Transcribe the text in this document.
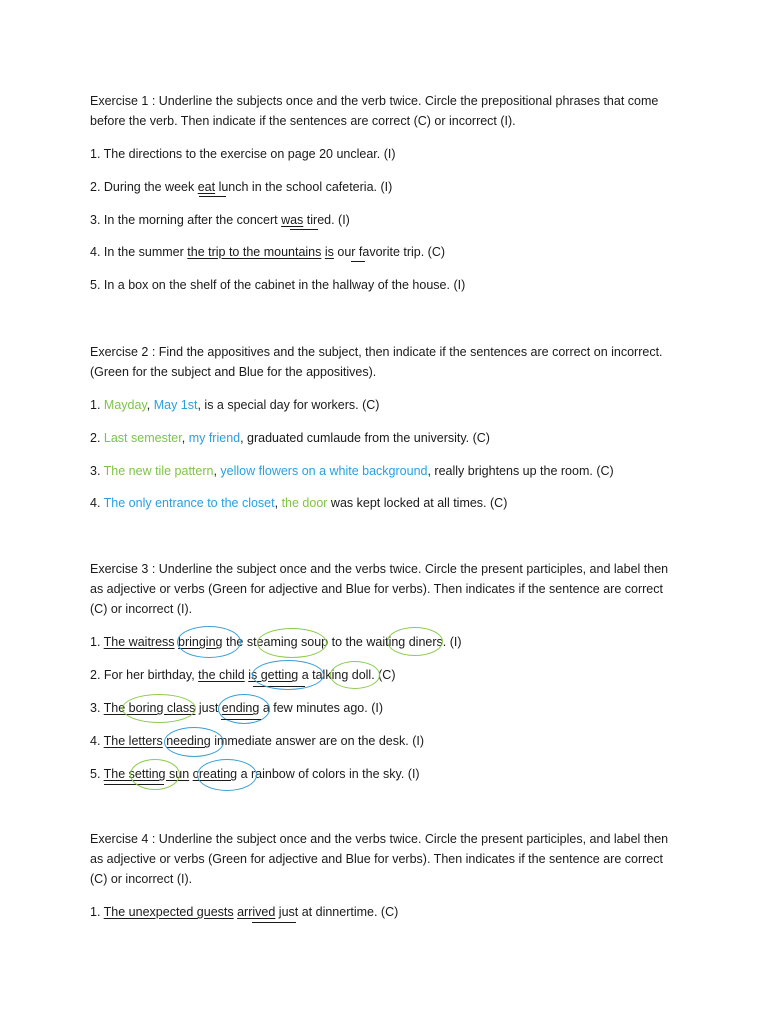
Exercise 1 : Underline the subjects once and the verb twice. Circle the prepositional phrases that come
before the verb. Then indicate if the sentences are correct (C) or incorrect (I).
1. The directions to the exercise on page 20 unclear. (I)
2. During the week eat lunch in the school cafeteria. (I)
3. In the morning after the concert was tired. (I)
4. In the summer the trip to the mountains is our favorite trip. (C)
5. In a box on the shelf of the cabinet in the hallway of the house. (I)
Exercise 2 : Find the appositives and the subject, then indicate if the sentences are correct on incorrect.
(Green for the subject and Blue for the appositives).
1. Mayday, May 1st, is a special day for workers. (C)
2. Last semester, my friend, graduated cumlaude from the university. (C)
3. The new tile pattern, yellow flowers on a white background, really brightens up the room. (C)
4. The only entrance to the closet, the door was kept locked at all times. (C)
Exercise 3 : Underline the subject once and the verbs twice. Circle the present participles, and label then
as adjective or verbs (Green for adjective and Blue for verbs). Then indicates if the sentence are correct
(C) or incorrect (I).
1. The waitress bringing the steaming soup to the waiting diners. (I)
2. For her birthday, the child is getting a talking doll. (C)
3. The boring class just ending a few minutes ago. (I)
4. The letters needing immediate answer are on the desk. (I)
5. The setting sun creating a rainbow of colors in the sky. (I)
Exercise 4 : Underline the subject once and the verbs twice. Circle the present participles, and label then
as adjective or verbs (Green for adjective and Blue for verbs). Then indicates if the sentence are correct
(C) or incorrect (I).
1. The unexpected guests arrived just at dinnertime. (C)
